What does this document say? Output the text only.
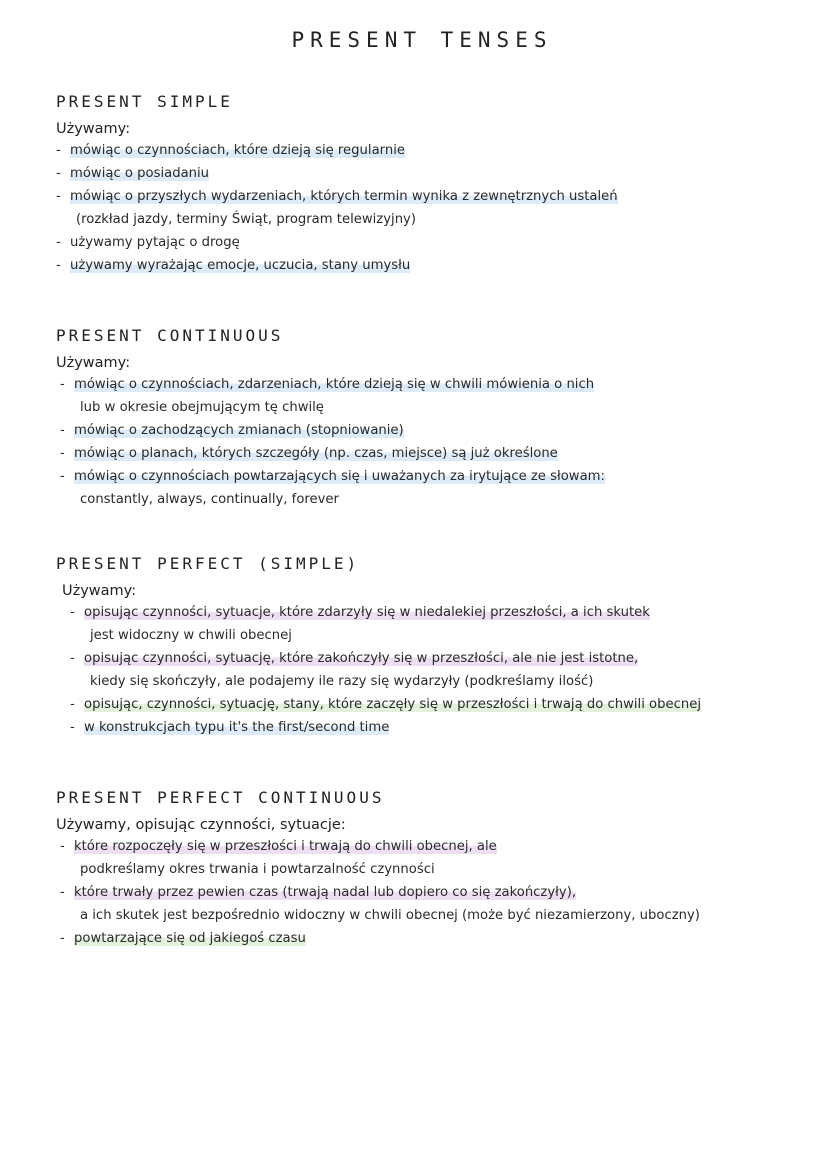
PRESENT TENSES
PRESENT SIMPLE

Używamy:

- mówiąc o czynnościach, które dzieją się regularnie
- mówiąc o posiadaniu
- mówiąc o przyszłych wydarzeniach, których termin wynika z zewnętrznych ustaleń
(rozkład jazdy, terminy Świąt, program telewizyjny)
- używamy pytając o drogę
- używamy wyrażając emocje, uczucia, stany umysłu
PRESENT CONTINUOUS

Używamy:

- mówiąc o czynnościach, zdarzeniach, które dzieją się w chwili mówienia o nich
lub w okresie obejmującym tę chwilę
- mówiąc o zachodzących zmianach (stopniowanie)
- mówiąc o planach, których szczegóły (np. czas, miejsce) są już określone
- mówiąc o czynnościach powtarzających się i uważanych za irytujące ze słowam:
constantly, always, continually, forever
PRESENT PERFECT (SIMPLE)

Używamy:

- opisując czynności, sytuacje, które zdarzyły się w niedalekiej przeszłości, a ich skutek
jest widoczny w chwili obecnej
- opisując czynności, sytuację, które zakończyły się w przeszłości, ale nie jest istotne,
kiedy się skończyły, ale podajemy ile razy się wydarzyły (podkreślamy ilość)
- opisując, czynności, sytuację, stany, które zaczęły się w przeszłości i trwają do chwili obecnej
- w konstrukcjach typu it's the first/second time
PRESENT PERFECT CONTINUOUS

Używamy, opisując czynności, sytuacje:

- które rozpoczęły się w przeszłości i trwają do chwili obecnej, ale
podkreślamy okres trwania i powtarzalność czynności
- które trwały przez pewien czas (trwają nadal lub dopiero co się zakończyły),
a ich skutek jest bezpośrednio widoczny w chwili obecnej (może być niezamierzony, uboczny)
- powtarzające się od jakiegoś czasu
